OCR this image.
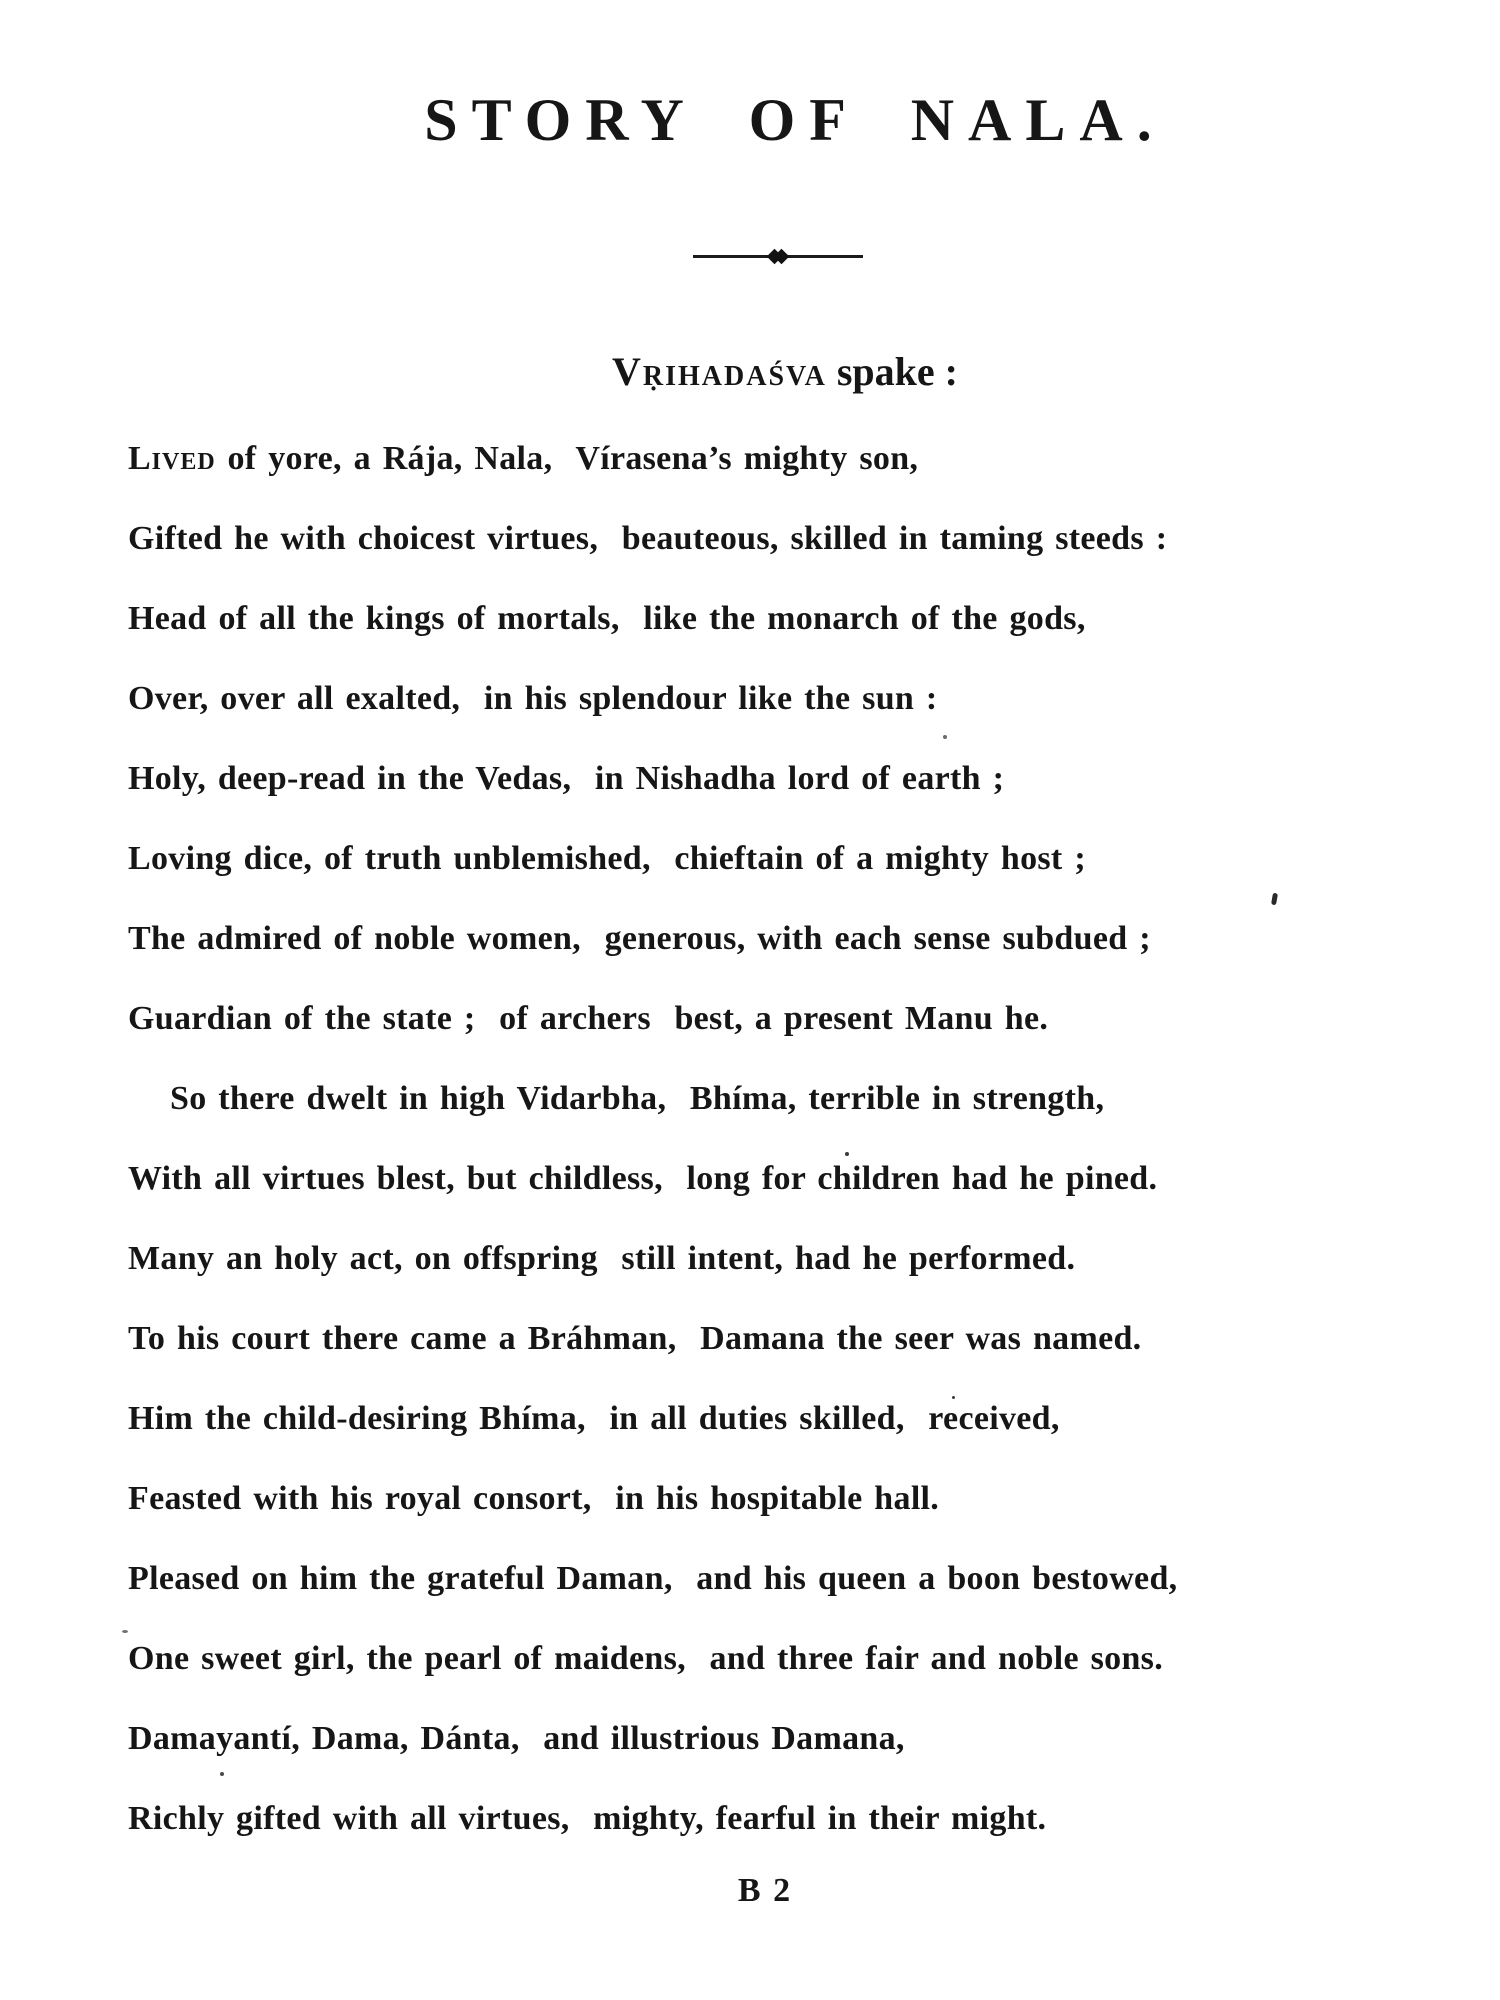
STORY OF NALA.
Vṛihadaśva spake :
Lived of yore, a Rája, Nala,  Vírasena’s mighty son,
Gifted he with choicest virtues,  beauteous, skilled in taming steeds :
Head of all the kings of mortals,  like the monarch of the gods,
Over, over all exalted,  in his splendour like the sun :
Holy, deep-read in the Vedas,  in Nishadha lord of earth ;
Loving dice, of truth unblemished,  chieftain of a mighty host ;
The admired of noble women,  generous, with each sense subdued ;
Guardian of the state ;  of archers  best, a present Manu he.
So there dwelt in high Vidarbha,  Bhíma, terrible in strength,
With all virtues blest, but childless,  long for children had he pined.
Many an holy act, on offspring  still intent, had he performed.
To his court there came a Bráhman,  Damana the seer was named.
Him the child-desiring Bhíma,  in all duties skilled,  received,
Feasted with his royal consort,  in his hospitable hall.
Pleased on him the grateful Daman,  and his queen a boon bestowed,
One sweet girl, the pearl of maidens,  and three fair and noble sons.
Damayantí, Dama, Dánta,  and illustrious Damana,
Richly gifted with all virtues,  mighty, fearful in their might.
B 2
